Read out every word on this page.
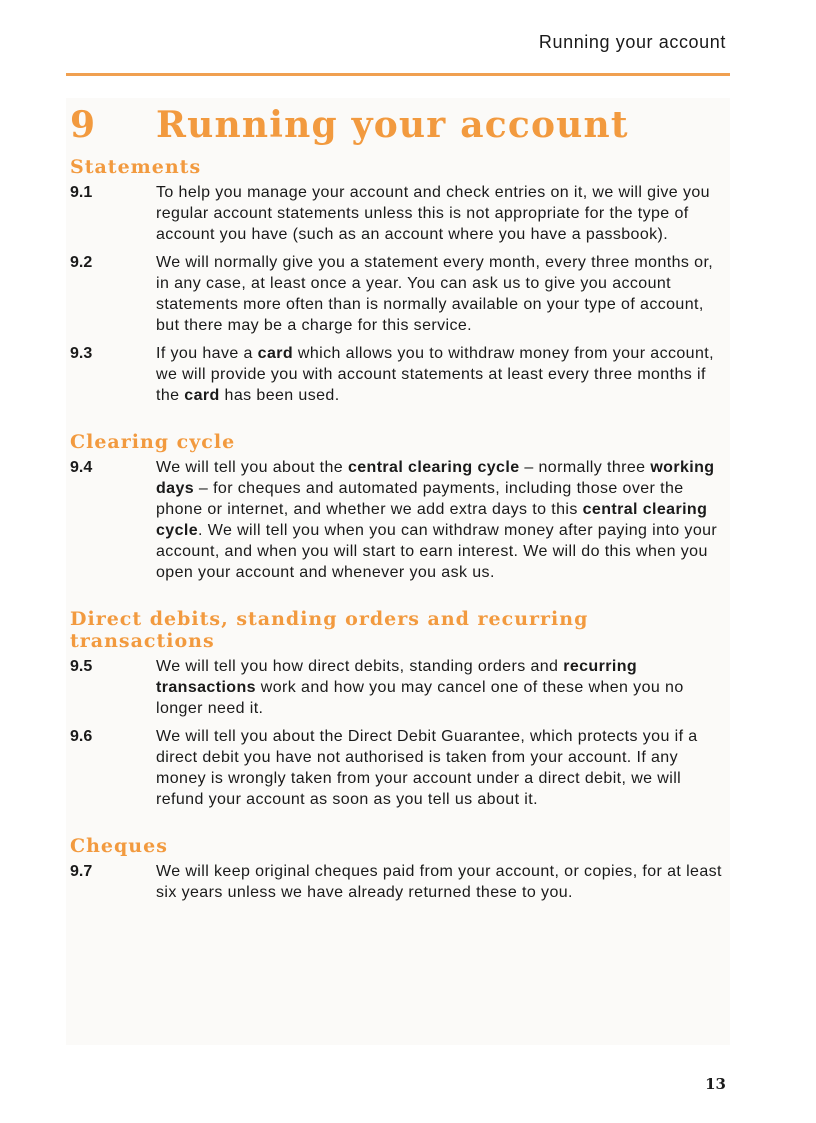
Running your account
9	Running your account
Statements
9.1	To help you manage your account and check entries on it, we will give you regular account statements unless this is not appropriate for the type of account you have (such as an account where you have a passbook).
9.2	We will normally give you a statement every month, every three months or, in any case, at least once a year. You can ask us to give you account statements more often than is normally available on your type of account, but there may be a charge for this service.
9.3	If you have a card which allows you to withdraw money from your account, we will provide you with account statements at least every three months if the card has been used.
Clearing cycle
9.4	We will tell you about the central clearing cycle – normally three working days – for cheques and automated payments, including those over the phone or internet, and whether we add extra days to this central clearing cycle. We will tell you when you can withdraw money after paying into your account, and when you will start to earn interest. We will do this when you open your account and whenever you ask us.
Direct debits, standing orders and recurring transactions
9.5	We will tell you how direct debits, standing orders and recurring transactions work and how you may cancel one of these when you no longer need it.
9.6	We will tell you about the Direct Debit Guarantee, which protects you if a direct debit you have not authorised is taken from your account. If any money is wrongly taken from your account under a direct debit, we will refund your account as soon as you tell us about it.
Cheques
9.7	We will keep original cheques paid from your account, or copies, for at least six years unless we have already returned these to you.
13
